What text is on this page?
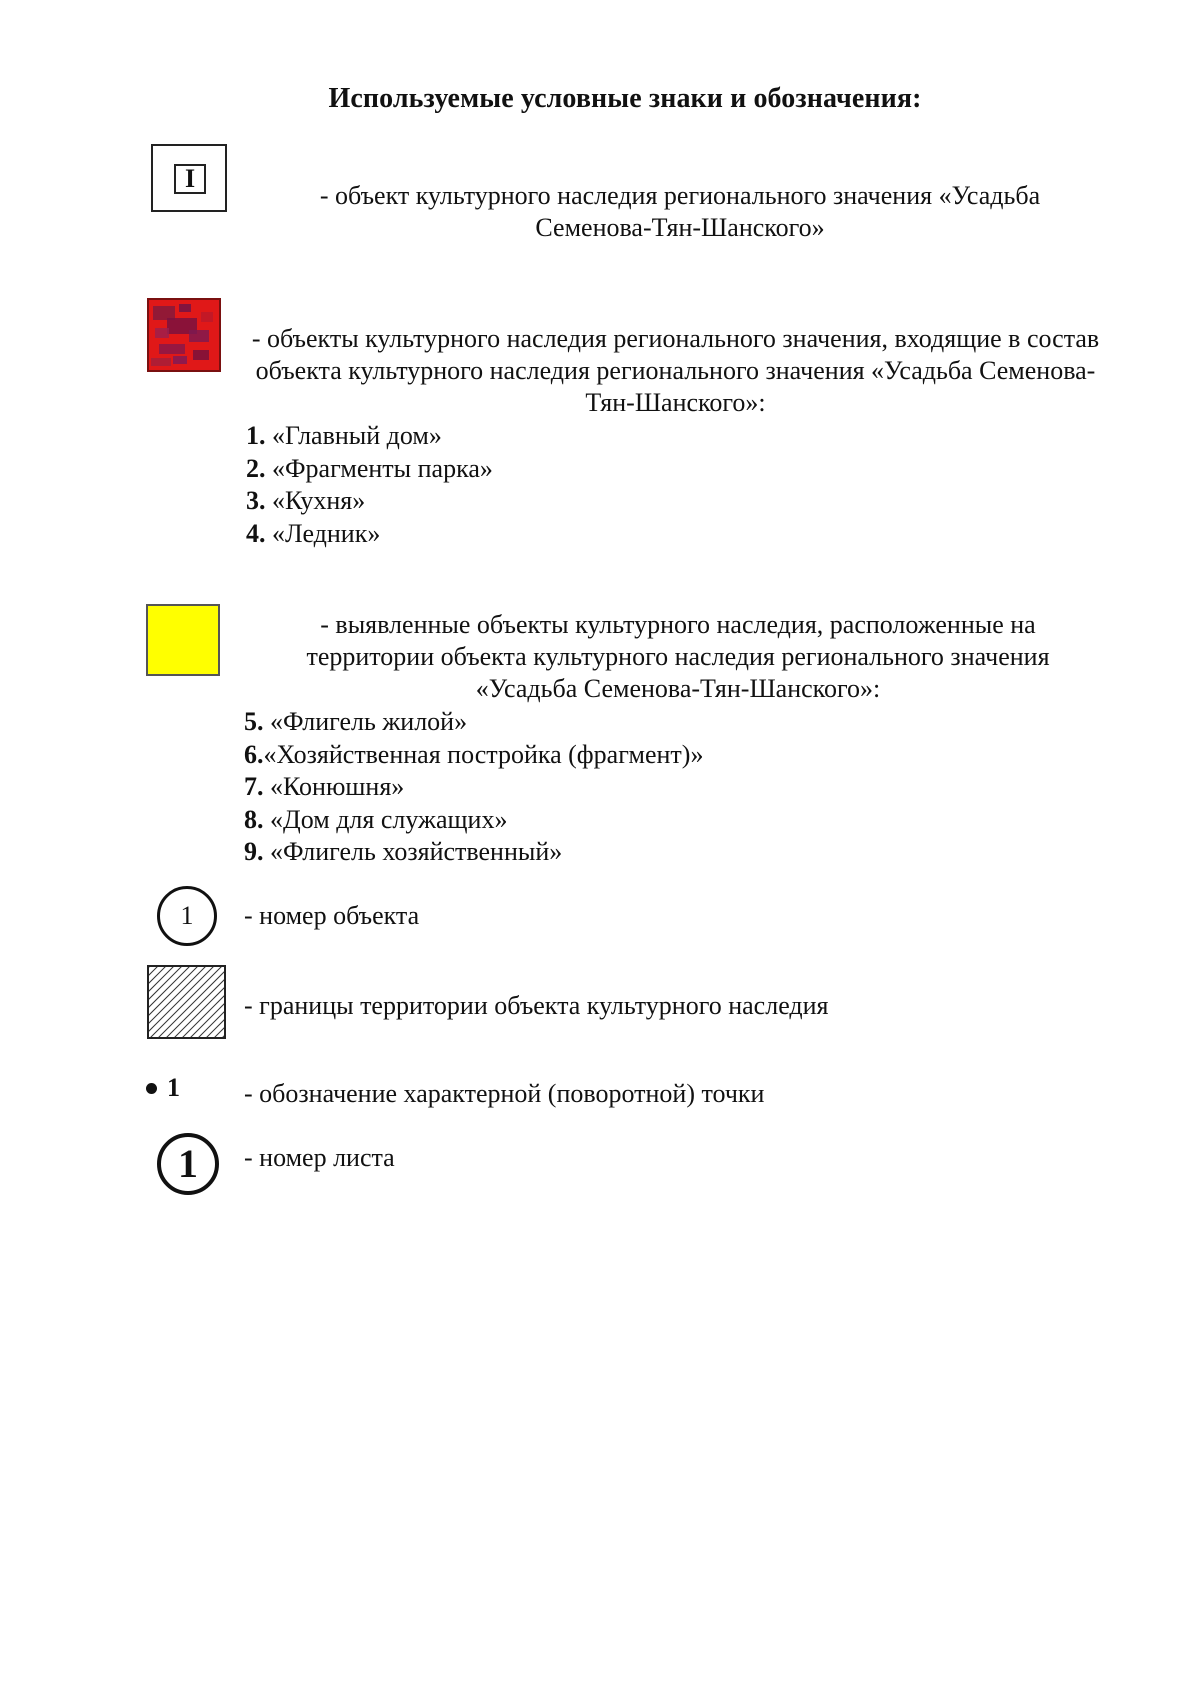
Используемые условные знаки и обозначения:
I
- объект культурного наследия регионального значения «Усадьба Семенова-Тян-Шанского»
- объекты культурного наследия регионального значения, входящие в состав объекта культурного наследия регионального значения «Усадьба Семенова-Тян-Шанского»:
1. «Главный дом»
2. «Фрагменты парка»
3. «Кухня»
4. «Ледник»
- выявленные объекты культурного наследия, расположенные на территории объекта культурного наследия регионального значения «Усадьба Семенова-Тян-Шанского»:
5. «Флигель жилой»
6.«Хозяйственная постройка (фрагмент)»
7. «Конюшня»
8. «Дом для служащих»
9. «Флигель хозяйственный»
1	- номер объекта
- границы территории объекта культурного наследия
1 - обозначение характерной (поворотной) точки
1	- номер листа
